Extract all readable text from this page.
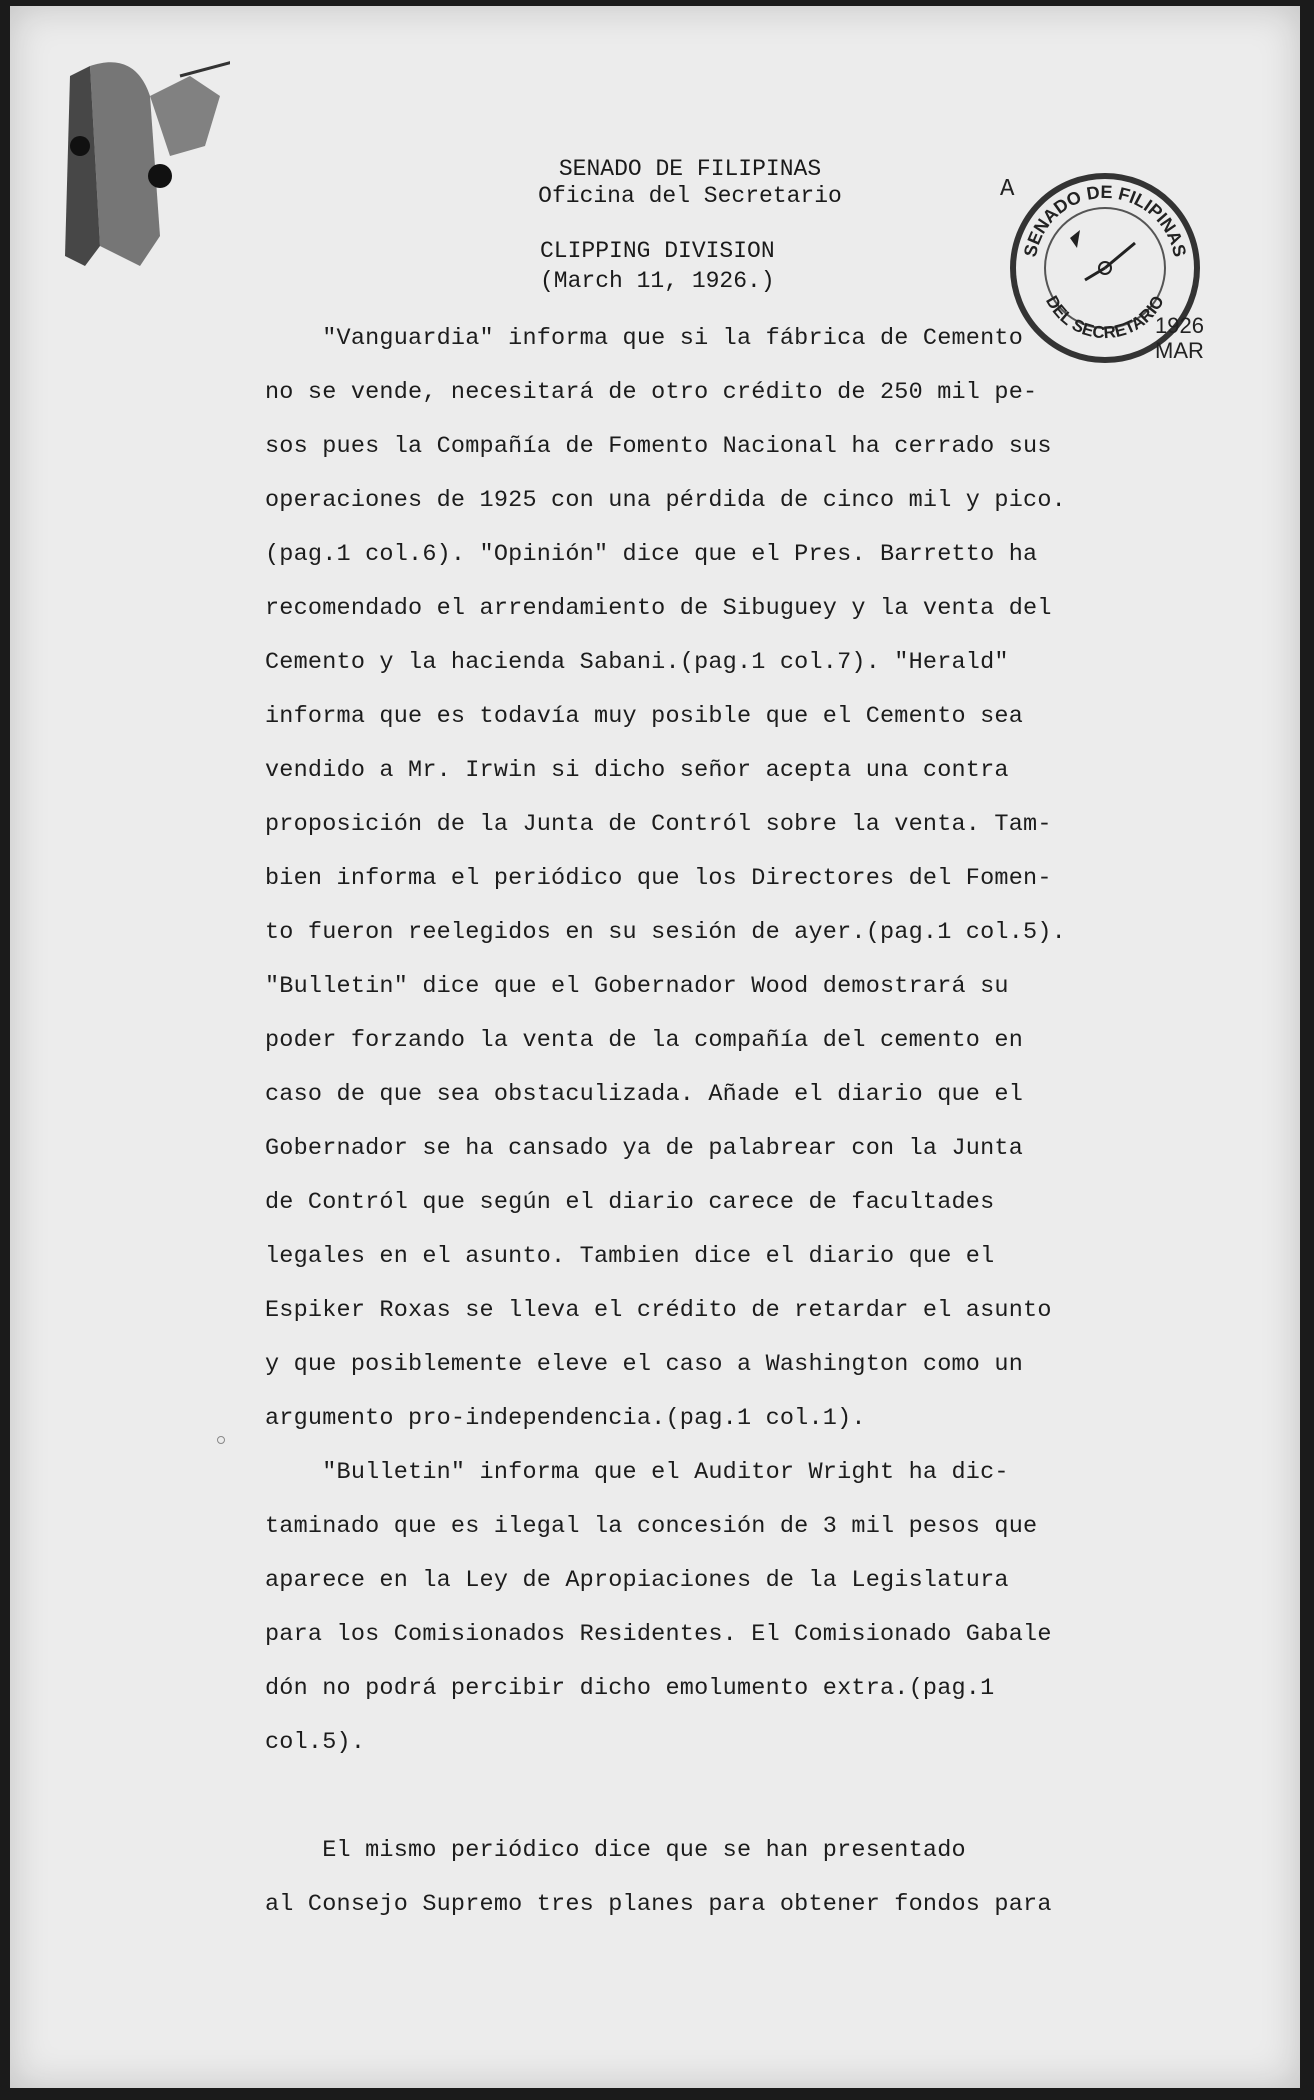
SENADO DE FILIPINAS
Oficina del Secretario
CLIPPING DIVISION
(March 11, 1926.)
A
SENADO DE FILIPINAS
DEL SECRETARIO
1926
MAR
"Vanguardia" informa que si la fábrica de Cemento
no se vende, necesitará de otro crédito de 250 mil pe-
sos pues la Compañía de Fomento Nacional ha cerrado sus
operaciones de 1925 con una pérdida de cinco mil y pico.
(pag.1 col.6). "Opinión" dice que el Pres. Barretto ha
recomendado el arrendamiento de Sibuguey y la venta del
Cemento y la hacienda Sabani.(pag.1 col.7). "Herald"
informa que es todavía muy posible que el Cemento sea
vendido a Mr. Irwin si dicho señor acepta una contra
proposición de la Junta de Contról sobre la venta. Tam-
bien informa el periódico que los Directores del Fomen-
to fueron reelegidos en su sesión de ayer.(pag.1 col.5).
"Bulletin" dice que el Gobernador Wood demostrará su
poder forzando la venta de la compañía del cemento en
caso de que sea obstaculizada. Añade el diario que el
Gobernador se ha cansado ya de palabrear con la Junta
de Contról que según el diario carece de facultades
legales en el asunto. Tambien dice el diario que el
Espiker Roxas se lleva el crédito de retardar el asunto
y que posiblemente eleve el caso a Washington como un
argumento pro-independencia.(pag.1 col.1).
"Bulletin" informa que el Auditor Wright ha dic-
taminado que es ilegal la concesión de 3 mil pesos que
aparece en la Ley de Apropiaciones de la Legislatura
para los Comisionados Residentes. El Comisionado Gabale
dón no podrá percibir dicho emolumento extra.(pag.1
col.5).
El mismo periódico dice que se han presentado
al Consejo Supremo tres planes para obtener fondos para
